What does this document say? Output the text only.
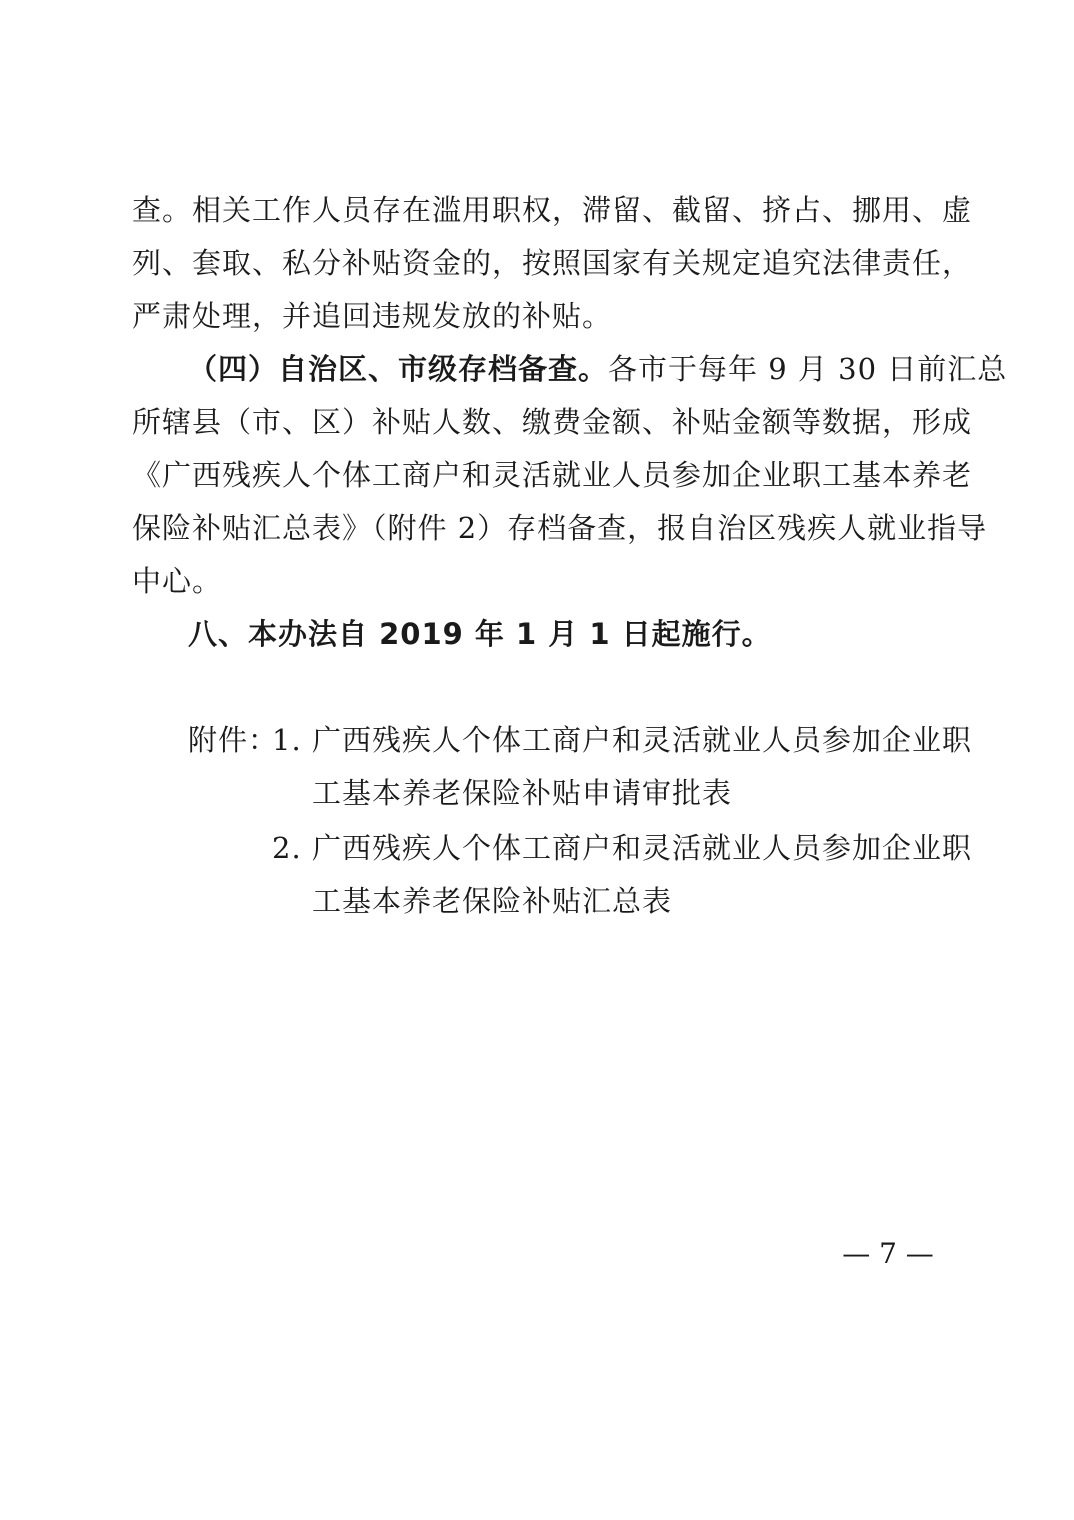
查。相关工作人员存在滥用职权，滞留、截留、挤占、挪用、虚
列、套取、私分补贴资金的，按照国家有关规定追究法律责任，
严肃处理，并追回违规发放的补贴。
（四）自治区、市级存档备查。 各市于每年 9 月 30 日前汇总
所辖县（市、区）补贴人数、缴费金额、补贴金额等数据，形成
《广西残疾人个体工商户和灵活就业人员参加企业职工基本养老
保险补贴汇总表》（附件 2）存档备查，报自治区残疾人就业指导
中心。
八、本办法自 2019 年 1 月 1 日起施行。
附件：
1. 广西残疾人个体工商户和灵活就业人员参加企业职
工基本养老保险补贴申请审批表
2. 广西残疾人个体工商户和灵活就业人员参加企业职
工基本养老保险补贴汇总表
— 7 —
